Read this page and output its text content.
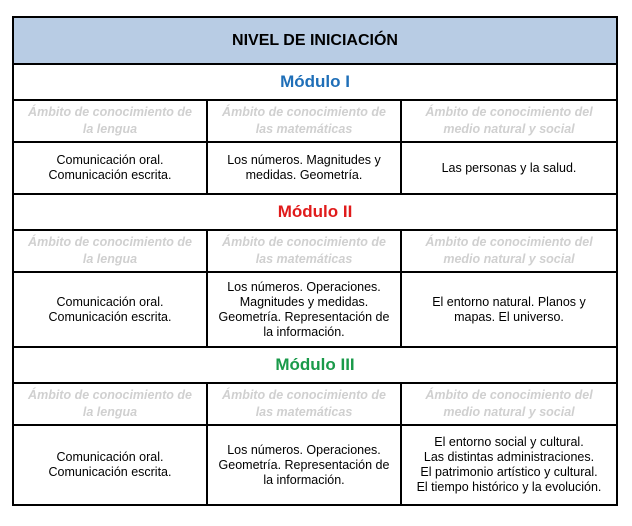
NIVEL DE INICIACIÓN
Módulo I
Ámbito de conocimiento de
la lengua
Ámbito de conocimiento de
las matemáticas
Ámbito de conocimiento del
medio natural y social
Comunicación oral.
Comunicación escrita.
Los números. Magnitudes y
medidas. Geometría.
Las personas y la salud.
Módulo II
Ámbito de conocimiento de
la lengua
Ámbito de conocimiento de
las matemáticas
Ámbito de conocimiento del
medio natural y social
Comunicación oral.
Comunicación escrita.
Los números. Operaciones.
Magnitudes y medidas.
Geometría. Representación de
la información.
El entorno natural. Planos y
mapas. El universo.
Módulo III
Ámbito de conocimiento de
la lengua
Ámbito de conocimiento de
las matemáticas
Ámbito de conocimiento del
medio natural y social
Comunicación oral.
Comunicación escrita.
Los números. Operaciones.
Geometría. Representación de
la información.
El entorno social y cultural.
Las distintas administraciones.
El patrimonio artístico y cultural.
El tiempo histórico y la evolución.
